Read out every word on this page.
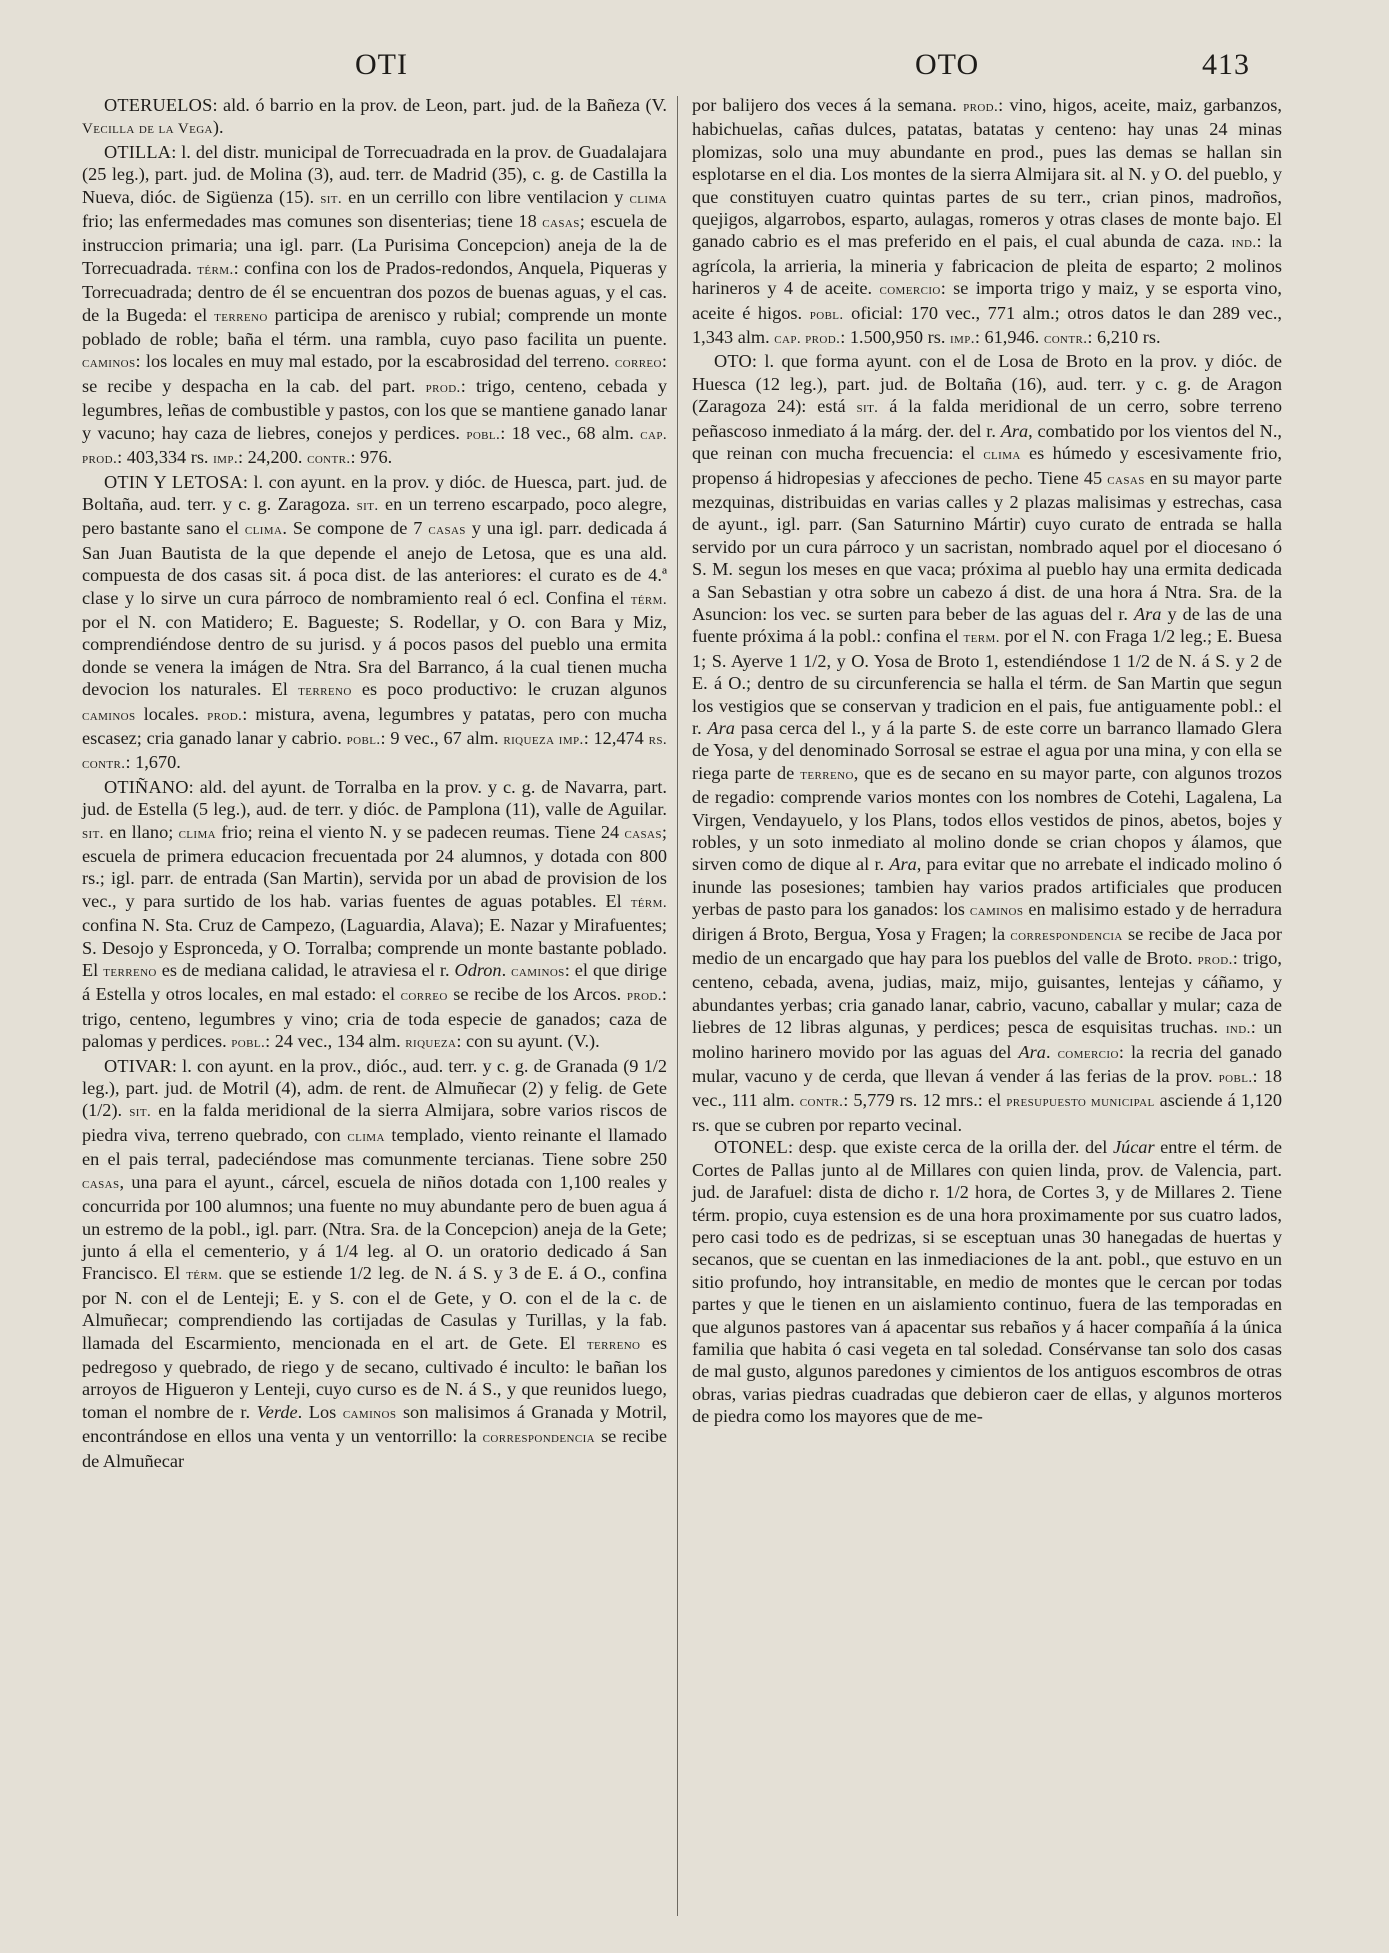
OTI	OTO	413

OTERUELOS: ald. ó barrio en la prov. de Leon, part. jud. de la Bañeza (V. Vecilla de la Vega).

OTILLA: l. del distr. municipal de Torrecuadrada en la prov. de Guadalajara (25 leg.), part. jud. de Molina (3), aud. terr. de Madrid (35), c. g. de Castilla la Nueva, dióc. de Sigüenza (15). sit. en un cerrillo con libre ventilacion y clima frio; las enfermedades mas comunes son disenterias; tiene 18 casas; escuela de instruccion primaria; una igl. parr. (La Purisima Concepcion) aneja de la de Torrecuadrada. térm.: confina con los de Prados-redondos, Anquela, Piqueras y Torrecuadrada; dentro de él se encuentran dos pozos de buenas aguas, y el cas. de la Bugeda: el terreno participa de arenisco y rubial; comprende un monte poblado de roble; baña el térm. una rambla, cuyo paso facilita un puente. caminos: los locales en muy mal estado, por la escabrosidad del terreno. correo: se recibe y despacha en la cab. del part. prod.: trigo, centeno, cebada y legumbres, leñas de combustible y pastos, con los que se mantiene ganado lanar y vacuno; hay caza de liebres, conejos y perdices. pobl.: 18 vec., 68 alm. cap. prod.: 403,334 rs. imp.: 24,200. contr.: 976.

OTIN Y LETOSA: l. con ayunt. en la prov. y dióc. de Huesca, part. jud. de Boltaña, aud. terr. y c. g. Zaragoza. sit. en un terreno escarpado, poco alegre, pero bastante sano el clima. Se compone de 7 casas y una igl. parr. dedicada á San Juan Bautista de la que depende el anejo de Letosa, que es una ald. compuesta de dos casas sit. á poca dist. de las anteriores: el curato es de 4.ª clase y lo sirve un cura párroco de nombramiento real ó ecl. Confina el térm. por el N. con Matidero; E. Bagueste; S. Rodellar, y O. con Bara y Miz, comprendiéndose dentro de su jurisd. y á pocos pasos del pueblo una ermita donde se venera la imágen de Ntra. Sra del Barranco, á la cual tienen mucha devocion los naturales. El terreno es poco productivo: le cruzan algunos caminos locales. prod.: mistura, avena, legumbres y patatas, pero con mucha escasez; cria ganado lanar y cabrio. pobl.: 9 vec., 67 alm. riqueza imp.: 12,474 rs. contr.: 1,670.

OTIÑANO: ald. del ayunt. de Torralba en la prov. y c. g. de Navarra, part. jud. de Estella (5 leg.), aud. de terr. y dióc. de Pamplona (11), valle de Aguilar. sit. en llano; clima frio; reina el viento N. y se padecen reumas. Tiene 24 casas; escuela de primera educacion frecuentada por 24 alumnos, y dotada con 800 rs.; igl. parr. de entrada (San Martin), servida por un abad de provision de los vec., y para surtido de los hab. varias fuentes de aguas potables. El térm. confina N. Sta. Cruz de Campezo, (Laguardia, Alava); E. Nazar y Mirafuentes; S. Desojo y Espronceda, y O. Torralba; comprende un monte bastante poblado. El terreno es de mediana calidad, le atraviesa el r. Odron. caminos: el que dirige á Estella y otros locales, en mal estado: el correo se recibe de los Arcos. prod.: trigo, centeno, legumbres y vino; cria de toda especie de ganados; caza de palomas y perdices. pobl.: 24 vec., 134 alm. riqueza: con su ayunt. (V.).

OTIVAR: l. con ayunt. en la prov., dióc., aud. terr. y c. g. de Granada (9 1/2 leg.), part. jud. de Motril (4), adm. de rent. de Almuñecar (2) y felig. de Gete (1/2). sit. en la falda meridional de la sierra Almijara, sobre varios riscos de piedra viva, terreno quebrado, con clima templado, viento reinante el llamado en el pais terral, padeciéndose mas comunmente tercianas. Tiene sobre 250 casas, una para el ayunt., cárcel, escuela de niños dotada con 1,100 reales y concurrida por 100 alumnos; una fuente no muy abundante pero de buen agua á un estremo de la pobl., igl. parr. (Ntra. Sra. de la Concepcion) aneja de la Gete; junto á ella el cementerio, y á 1/4 leg. al O. un oratorio dedicado á San Francisco. El térm. que se estiende 1/2 leg. de N. á S. y 3 de E. á O., confina por N. con el de Lenteji; E. y S. con el de Gete, y O. con el de la c. de Almuñecar; comprendiendo las cortijadas de Casulas y Turillas, y la fab. llamada del Escarmiento, mencionada en el art. de Gete. El terreno es pedregoso y quebrado, de riego y de secano, cultivado é inculto: le bañan los arroyos de Higueron y Lenteji, cuyo curso es de N. á S., y que reunidos luego, toman el nombre de r. Verde. Los caminos son malisimos á Granada y Motril, encontrándose en ellos una venta y un ventorrillo: la correspondencia se recibe de Almuñecar

por balijero dos veces á la semana. prod.: vino, higos, aceite, maiz, garbanzos, habichuelas, cañas dulces, patatas, batatas y centeno: hay unas 24 minas plomizas, solo una muy abundante en prod., pues las demas se hallan sin esplotarse en el dia. Los montes de la sierra Almijara sit. al N. y O. del pueblo, y que constituyen cuatro quintas partes de su terr., crian pinos, madroños, quejigos, algarrobos, esparto, aulagas, romeros y otras clases de monte bajo. El ganado cabrio es el mas preferido en el pais, el cual abunda de caza. ind.: la agrícola, la arrieria, la mineria y fabricacion de pleita de esparto; 2 molinos harineros y 4 de aceite. comercio: se importa trigo y maiz, y se esporta vino, aceite é higos. pobl. oficial: 170 vec., 771 alm.; otros datos le dan 289 vec., 1,343 alm. cap. prod.: 1.500,950 rs. imp.: 61,946. contr.: 6,210 rs.

OTO: l. que forma ayunt. con el de Losa de Broto en la prov. y dióc. de Huesca (12 leg.), part. jud. de Boltaña (16), aud. terr. y c. g. de Aragon (Zaragoza 24): está sit. á la falda meridional de un cerro, sobre terreno peñascoso inmediato á la márg. der. del r. Ara, combatido por los vientos del N., que reinan con mucha frecuencia: el clima es húmedo y escesivamente frio, propenso á hidropesias y afecciones de pecho. Tiene 45 casas en su mayor parte mezquinas, distribuidas en varias calles y 2 plazas malisimas y estrechas, casa de ayunt., igl. parr. (San Saturnino Mártir) cuyo curato de entrada se halla servido por un cura párroco y un sacristan, nombrado aquel por el diocesano ó S. M. segun los meses en que vaca; próxima al pueblo hay una ermita dedicada a San Sebastian y otra sobre un cabezo á dist. de una hora á Ntra. Sra. de la Asuncion: los vec. se surten para beber de las aguas del r. Ara y de las de una fuente próxima á la pobl.: confina el term. por el N. con Fraga 1/2 leg.; E. Buesa 1; S. Ayerve 1 1/2, y O. Yosa de Broto 1, estendiéndose 1 1/2 de N. á S. y 2 de E. á O.; dentro de su circunferencia se halla el térm. de San Martin que segun los vestigios que se conservan y tradicion en el pais, fue antiguamente pobl.: el r. Ara pasa cerca del l., y á la parte S. de este corre un barranco llamado Glera de Yosa, y del denominado Sorrosal se estrae el agua por una mina, y con ella se riega parte de terreno, que es de secano en su mayor parte, con algunos trozos de regadio: comprende varios montes con los nombres de Cotehi, Lagalena, La Virgen, Vendayuelo, y los Plans, todos ellos vestidos de pinos, abetos, bojes y robles, y un soto inmediato al molino donde se crian chopos y álamos, que sirven como de dique al r. Ara, para evitar que no arrebate el indicado molino ó inunde las posesiones; tambien hay varios prados artificiales que producen yerbas de pasto para los ganados: los caminos en malisimo estado y de herradura dirigen á Broto, Bergua, Yosa y Fragen; la correspondencia se recibe de Jaca por medio de un encargado que hay para los pueblos del valle de Broto. prod.: trigo, centeno, cebada, avena, judias, maiz, mijo, guisantes, lentejas y cáñamo, y abundantes yerbas; cria ganado lanar, cabrio, vacuno, caballar y mular; caza de liebres de 12 libras algunas, y perdices; pesca de esquisitas truchas. ind.: un molino harinero movido por las aguas del Ara. comercio: la recria del ganado mular, vacuno y de cerda, que llevan á vender á las ferias de la prov. pobl.: 18 vec., 111 alm. contr.: 5,779 rs. 12 mrs.: el presupuesto municipal asciende á 1,120 rs. que se cubren por reparto vecinal.

OTONEL: desp. que existe cerca de la orilla der. del Júcar entre el térm. de Cortes de Pallas junto al de Millares con quien linda, prov. de Valencia, part. jud. de Jarafuel: dista de dicho r. 1/2 hora, de Cortes 3, y de Millares 2. Tiene térm. propio, cuya estension es de una hora proximamente por sus cuatro lados, pero casi todo es de pedrizas, si se esceptuan unas 30 hanegadas de huertas y secanos, que se cuentan en las inmediaciones de la ant. pobl., que estuvo en un sitio profundo, hoy intransitable, en medio de montes que le cercan por todas partes y que le tienen en un aislamiento continuo, fuera de las temporadas en que algunos pastores van á apacentar sus rebaños y á hacer compañía á la única familia que habita ó casi vegeta en tal soledad. Consérvanse tan solo dos casas de mal gusto, algunos paredones y cimientos de los antiguos escombros de otras obras, varias piedras cuadradas que debieron caer de ellas, y algunos morteros de piedra como los mayores que de me-
